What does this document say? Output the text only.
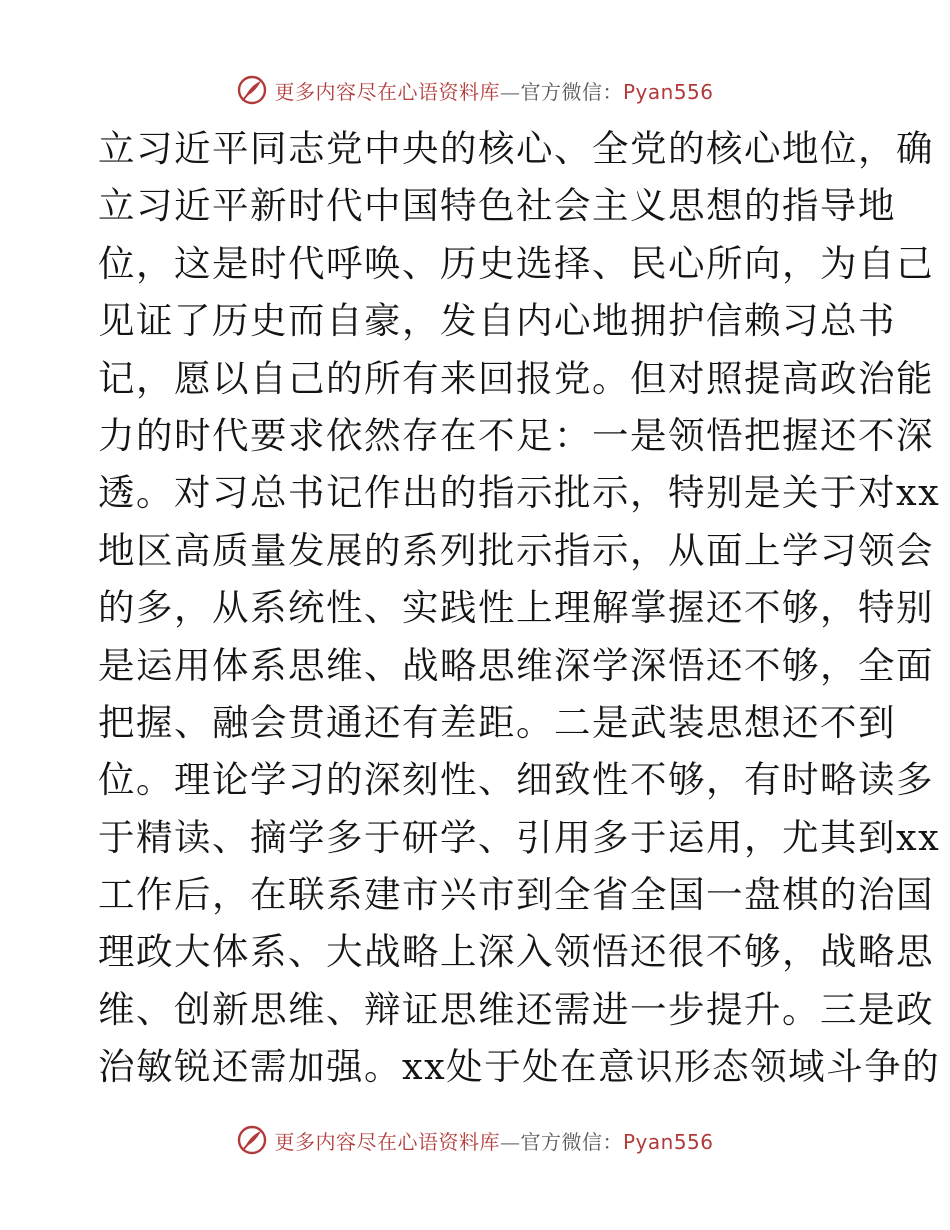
更多内容尽在心语资料库—官方微信：Pyan556
立习近平同志党中央的核心、全党的核心地位，确
立习近平新时代中国特色社会主义思想的指导地
位，这是时代呼唤、历史选择、民心所向，为自己
见证了历史而自豪，发自内心地拥护信赖习总书
记，愿以自己的所有来回报党。但对照提高政治能
力的时代要求依然存在不足：一是领悟把握还不深
透。对习总书记作出的指示批示，特别是关于对xx
地区高质量发展的系列批示指示，从面上学习领会
的多，从系统性、实践性上理解掌握还不够，特别
是运用体系思维、战略思维深学深悟还不够，全面
把握、融会贯通还有差距。二是武装思想还不到
位。理论学习的深刻性、细致性不够，有时略读多
于精读、摘学多于研学、引用多于运用，尤其到xx
工作后，在联系建市兴市到全省全国一盘棋的治国
理政大体系、大战略上深入领悟还很不够，战略思
维、创新思维、辩证思维还需进一步提升。三是政
治敏锐还需加强。xx处于处在意识形态领域斗争的
更多内容尽在心语资料库—官方微信：Pyan556
